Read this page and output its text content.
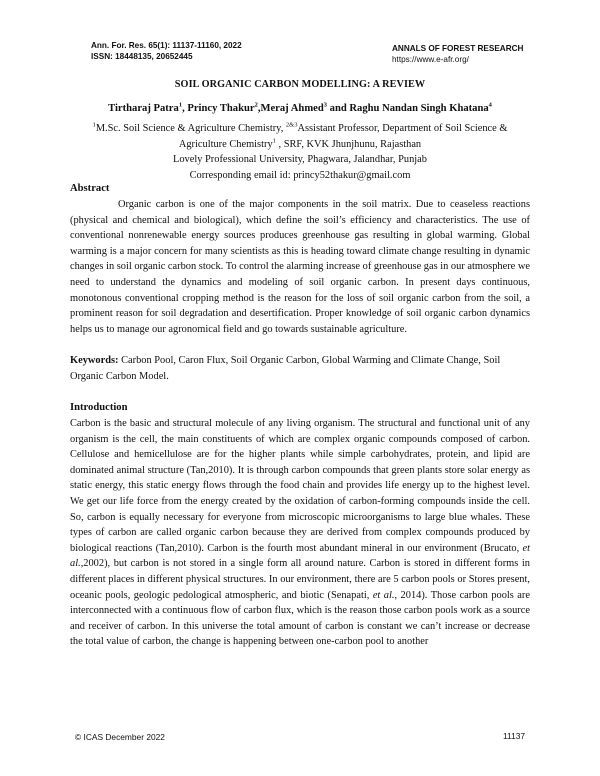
Ann. For. Res. 65(1): 11137-11160, 2022
ISSN: 18448135, 20652445
ANNALS OF FOREST RESEARCH
https://www.e-afr.org/
SOIL ORGANIC CARBON MODELLING: A REVIEW
Tirtharaj Patra$^1$, Princy Thakur$^2$,Meraj Ahmed$^3$ and Raghu Nandan Singh Khatana$^4$
$^1$M.Sc. Soil Science & Agriculture Chemistry, $^{2\&3}$Assistant Professor, Department of Soil Science & Agriculture Chemistry$^1$ , SRF, KVK Jhunjhunu, Rajasthan
Lovely Professional University, Phagwara, Jalandhar, Punjab
Corresponding email id: princy52thakur@gmail.com
Abstract

Organic carbon is one of the major components in the soil matrix. Due to ceaseless reactions (physical and chemical and biological), which define the soil’s efficiency and characteristics. The use of conventional nonrenewable energy sources produces greenhouse gas resulting in global warming. Global warming is a major concern for many scientists as this is heading toward climate change resulting in dynamic changes in soil organic carbon stock. To control the alarming increase of greenhouse gas in our atmosphere we need to understand the dynamics and modeling of soil organic carbon. In present days continuous, monotonous conventional cropping method is the reason for the loss of soil organic carbon from the soil, a prominent reason for soil degradation and desertification. Proper knowledge of soil organic carbon dynamics helps us to manage our agronomical field and go towards sustainable agriculture.

Keywords: Carbon Pool, Caron Flux, Soil Organic Carbon, Global Warming and Climate Change, Soil Organic Carbon Model.

Introduction

Carbon is the basic and structural molecule of any living organism. The structural and functional unit of any organism is the cell, the main constituents of which are complex organic compounds composed of carbon. Cellulose and hemicellulose are for the higher plants while simple carbohydrates, protein, and lipid are dominated animal structure (Tan,2010). It is through carbon compounds that green plants store solar energy as static energy, this static energy flows through the food chain and provides life energy up to the highest level. We get our life force from the energy created by the oxidation of carbon-forming compounds inside the cell. So, carbon is equally necessary for everyone from microscopic microorganisms to large blue whales. These types of carbon are called organic carbon because they are derived from complex compounds produced by biological reactions (Tan,2010). Carbon is the fourth most abundant mineral in our environment (Brucato, et al.,2002), but carbon is not stored in a single form all around nature. Carbon is stored in different forms in different places in different physical structures. In our environment, there are 5 carbon pools or Stores present, oceanic pools, geologic pedological atmospheric, and biotic (Senapati, et al., 2014). Those carbon pools are interconnected with a continuous flow of carbon flux, which is the reason those carbon pools work as a source and receiver of carbon. In this universe the total amount of carbon is constant we can’t increase or decrease the total value of carbon, the change is happening between one-carbon pool to another

© ICAS December 2022	11137
